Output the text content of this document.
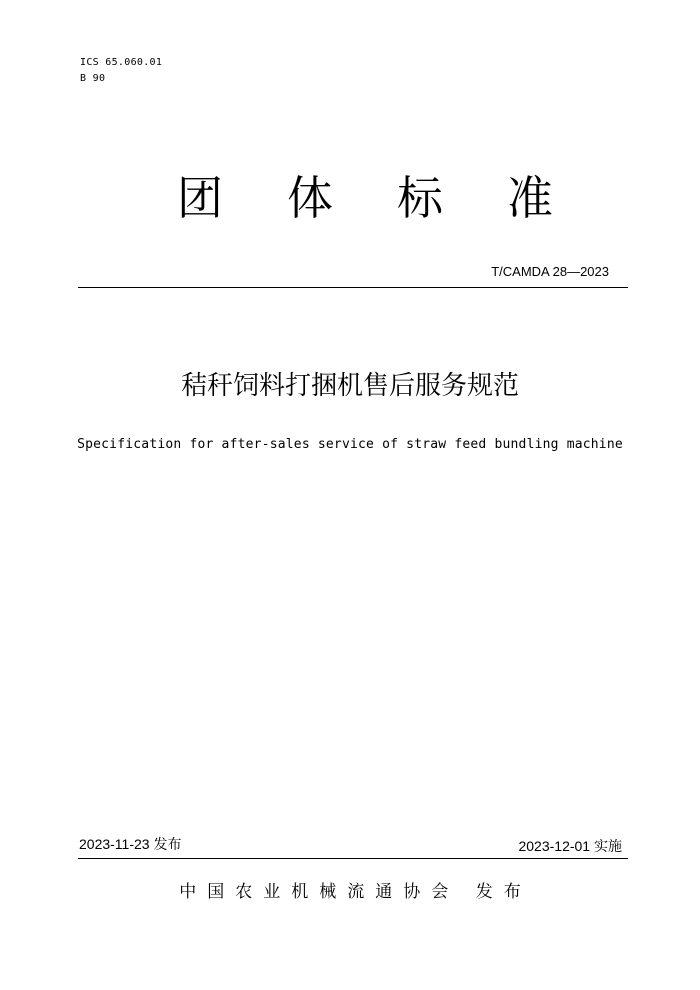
ICS 65.060.01
B 90
团 体 标 准
T/CAMDA 28—2023
秸秆饲料打捆机售后服务规范
Specification for after-sales service of straw feed bundling machine
2023-11-23 发布	2023-12-01 实施
中国农业机械流通协会 发布
